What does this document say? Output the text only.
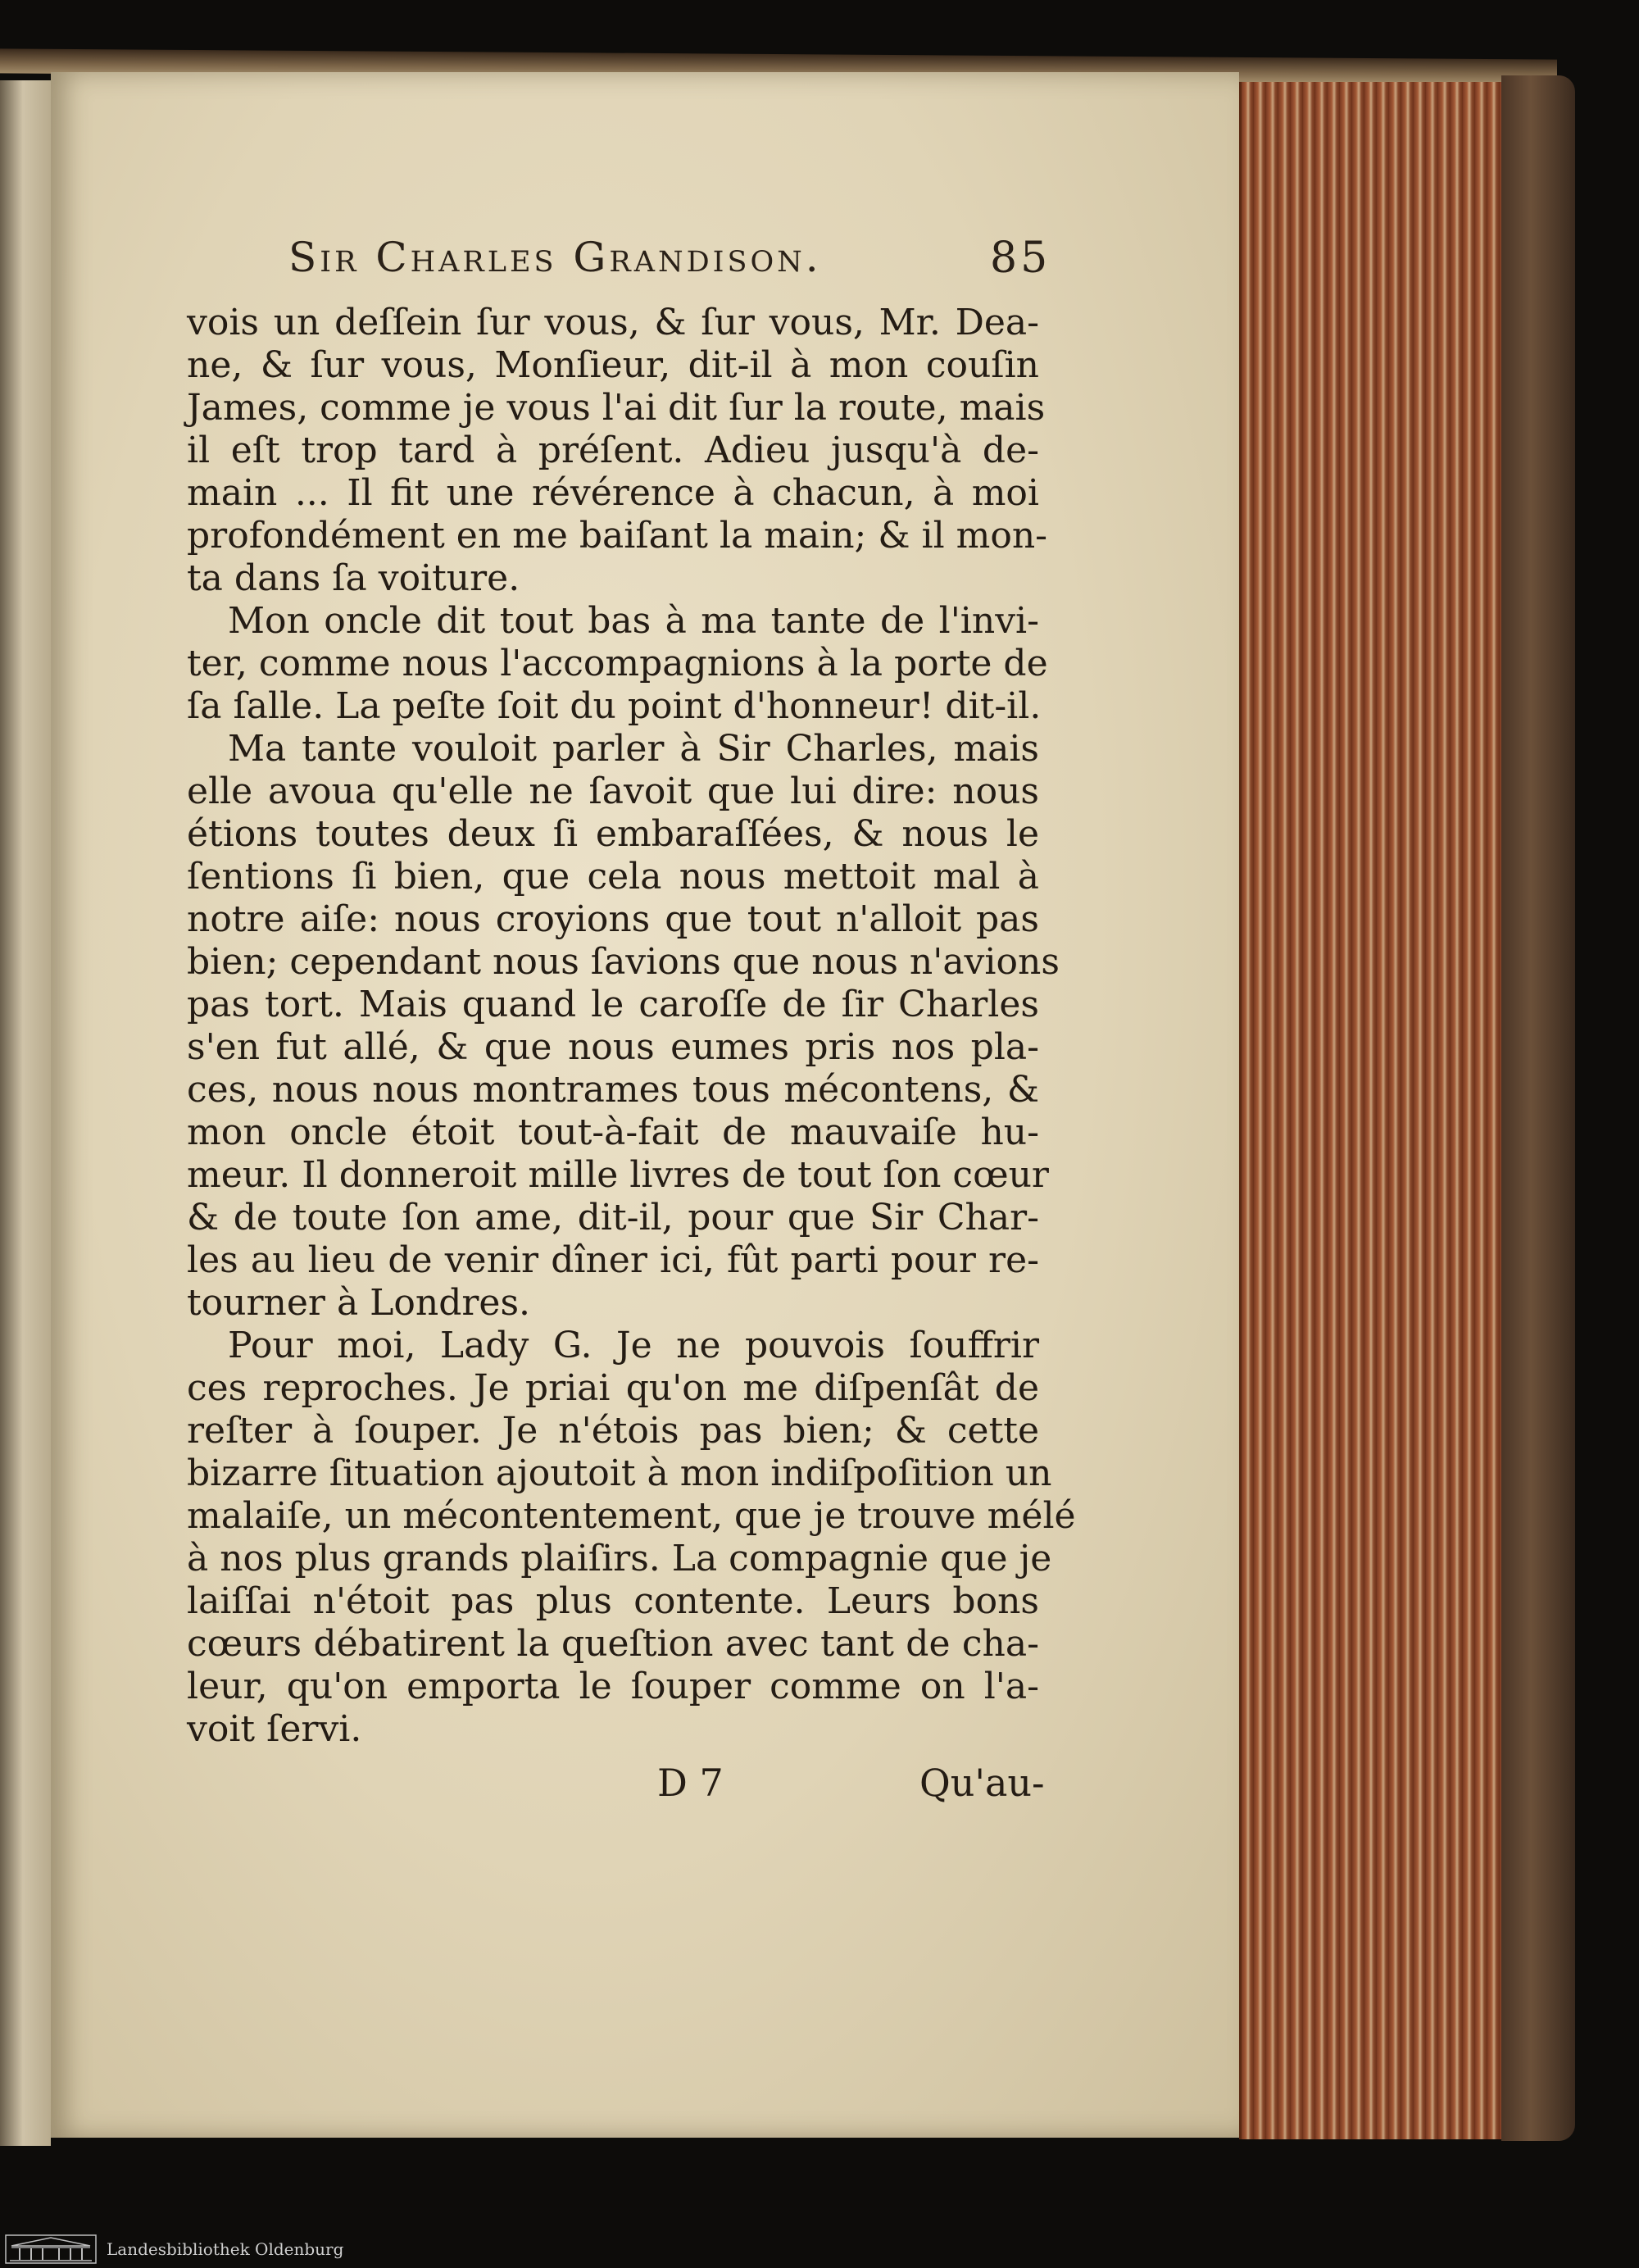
Sir Charles Grandison.	85
vois un deſſein ſur vous, & ſur vous, Mr. Dea-
ne, & ſur vous, Monſieur, dit-il à mon couſin
James, comme je vous l'ai dit ſur la route, mais
il eſt trop tard à préſent. Adieu jusqu'à de-
main ... Il fit une révérence à chacun, à moi
profondément en me baiſant la main; & il mon-
ta dans ſa voiture.
Mon oncle dit tout bas à ma tante de l'invi-
ter, comme nous l'accompagnions à la porte de
ſa ſalle. La peſte ſoit du point d'honneur! dit-il.
Ma tante vouloit parler à Sir Charles, mais
elle avoua qu'elle ne ſavoit que lui dire: nous
étions toutes deux ſi embaraſſées, & nous le
ſentions ſi bien, que cela nous mettoit mal à
notre aiſe: nous croyions que tout n'alloit pas
bien; cependant nous ſavions que nous n'avions
pas tort. Mais quand le caroſſe de ſir Charles
s'en fut allé, & que nous eumes pris nos pla-
ces, nous nous montrames tous mécontens, &
mon oncle étoit tout-à-fait de mauvaiſe hu-
meur. Il donneroit mille livres de tout ſon cœur
& de toute ſon ame, dit-il, pour que Sir Char-
les au lieu de venir dîner ici, fût parti pour re-
tourner à Londres.
Pour moi, Lady G. Je ne pouvois ſouffrir
ces reproches. Je priai qu'on me diſpenſât de
reſter à ſouper. Je n'étois pas bien; & cette
bizarre ſituation ajoutoit à mon indiſpoſition un
malaiſe, un mécontentement, que je trouve mélé
à nos plus grands plaiſirs. La compagnie que je
laiſſai n'étoit pas plus contente. Leurs bons
cœurs débatirent la queſtion avec tant de cha-
leur, qu'on emporta le ſouper comme on l'a-
voit ſervi.
D 7	Qu'au-
Landesbibliothek Oldenburg
